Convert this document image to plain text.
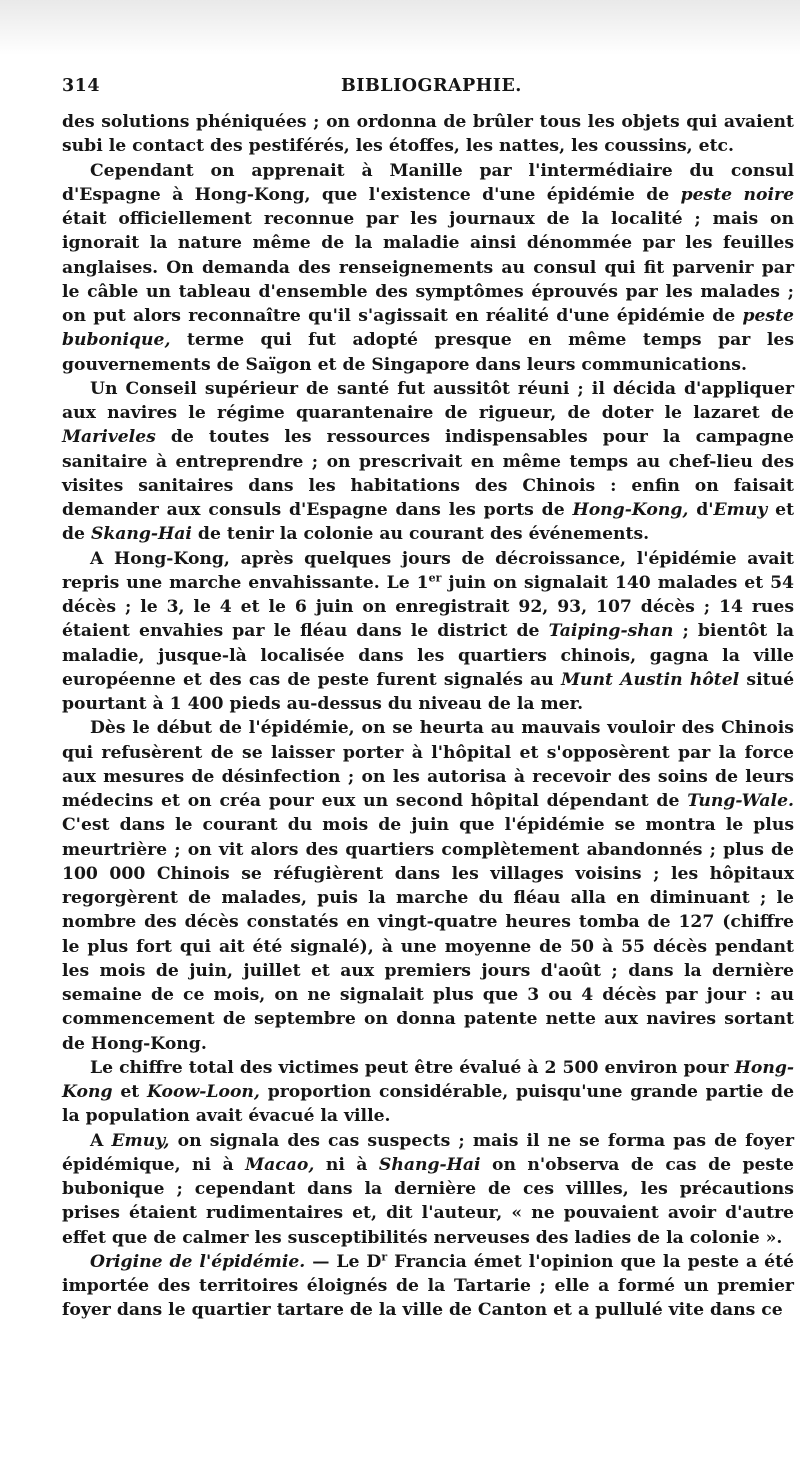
314	BIBLIOGRAPHIE.

des solutions phéniquées ; on ordonna de brûler tous les objets qui avaient subi le contact des pestiférés, les étoffes, les nattes, les coussins, etc.

Cependant on apprenait à Manille par l'intermédiaire du consul d'Espagne à Hong-Kong, que l'existence d'une épidémie de peste noire était officiellement reconnue par les journaux de la localité ; mais on ignorait la nature même de la maladie ainsi dénommée par les feuilles anglaises. On demanda des renseignements au consul qui fit parvenir par le câble un tableau d'ensemble des symptômes éprouvés par les malades ; on put alors reconnaître qu'il s'agissait en réalité d'une épidémie de peste bubonique, terme qui fut adopté presque en même temps par les gouvernements de Saïgon et de Singapore dans leurs communications.

Un Conseil supérieur de santé fut aussitôt réuni ; il décida d'appliquer aux navires le régime quarantenaire de rigueur, de doter le lazaret de Mariveles de toutes les ressources indispensables pour la campagne sanitaire à entreprendre ; on prescrivait en même temps au chef-lieu des visites sanitaires dans les habitations des Chinois : enfin on faisait demander aux consuls d'Espagne dans les ports de Hong-Kong, d'Emuy et de Skang-Hai de tenir la colonie au courant des événements.

A Hong-Kong, après quelques jours de décroissance, l'épidémie avait repris une marche envahissante. Le 1er juin on signalait 140 malades et 54 décès ; le 3, le 4 et le 6 juin on enregistrait 92, 93, 107 décès ; 14 rues étaient envahies par le fléau dans le district de Taiping-shan ; bientôt la maladie, jusque-là localisée dans les quartiers chinois, gagna la ville européenne et des cas de peste furent signalés au Munt Austin hôtel situé pourtant à 1 400 pieds au-dessus du niveau de la mer.

Dès le début de l'épidémie, on se heurta au mauvais vouloir des Chinois qui refusèrent de se laisser porter à l'hôpital et s'opposèrent par la force aux mesures de désinfection ; on les autorisa à recevoir des soins de leurs médecins et on créa pour eux un second hôpital dépendant de Tung-Wale. C'est dans le courant du mois de juin que l'épidémie se montra le plus meurtrière ; on vit alors des quartiers complètement abandonnés ; plus de 100 000 Chinois se réfugièrent dans les villages voisins ; les hôpitaux regorgèrent de malades, puis la marche du fléau alla en diminuant ; le nombre des décès constatés en vingt-quatre heures tomba de 127 (chiffre le plus fort qui ait été signalé), à une moyenne de 50 à 55 décès pendant les mois de juin, juillet et aux premiers jours d'août ; dans la dernière semaine de ce mois, on ne signalait plus que 3 ou 4 décès par jour : au commencement de septembre on donna patente nette aux navires sortant de Hong-Kong.

Le chiffre total des victimes peut être évalué à 2 500 environ pour Hong-Kong et Koow-Loon, proportion considérable, puisqu'une grande partie de la population avait évacué la ville.

A Emuy, on signala des cas suspects ; mais il ne se forma pas de foyer épidémique, ni à Macao, ni à Shang-Hai on n'observa de cas de peste bubonique ; cependant dans la dernière de ces villles, les précautions prises étaient rudimentaires et, dit l'auteur, « ne pouvaient avoir d'autre effet que de calmer les susceptibilités nerveuses des ladies de la colonie ».

Origine de l'épidémie. — Le $D^r$ Francia émet l'opinion que la peste a été importée des territoires éloignés de la Tartarie ; elle a formé un premier foyer dans le quartier tartare de la ville de Canton et a pullulé vite dans ce
